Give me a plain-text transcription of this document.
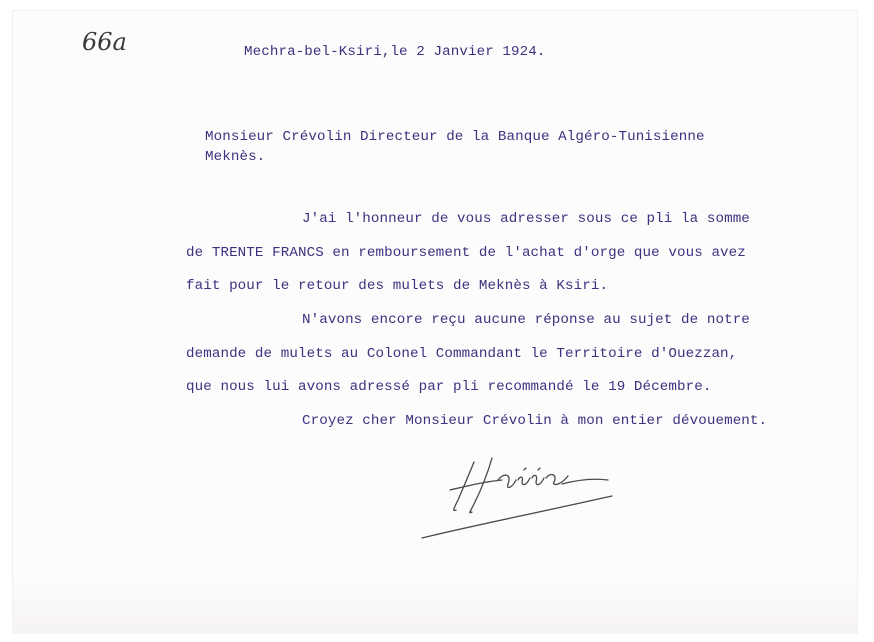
66a	Mechra-bel-Ksiri,le 2 Janvier 1924.
Monsieur Crévolin Directeur de la Banque Algéro-Tunisienne
Meknès.
J'ai l'honneur de vous adresser sous ce pli la somme
de TRENTE FRANCS en remboursement de l'achat d'orge que vous avez
fait pour le retour des mulets de Meknès à Ksiri.
N'avons encore reçu aucune réponse au sujet de notre
demande de mulets au Colonel Commandant le Territoire d'Ouezzan,
que nous lui avons adressé par pli recommandé le 19 Décembre.
Croyez cher Monsieur Crévolin à mon entier dévouement.
